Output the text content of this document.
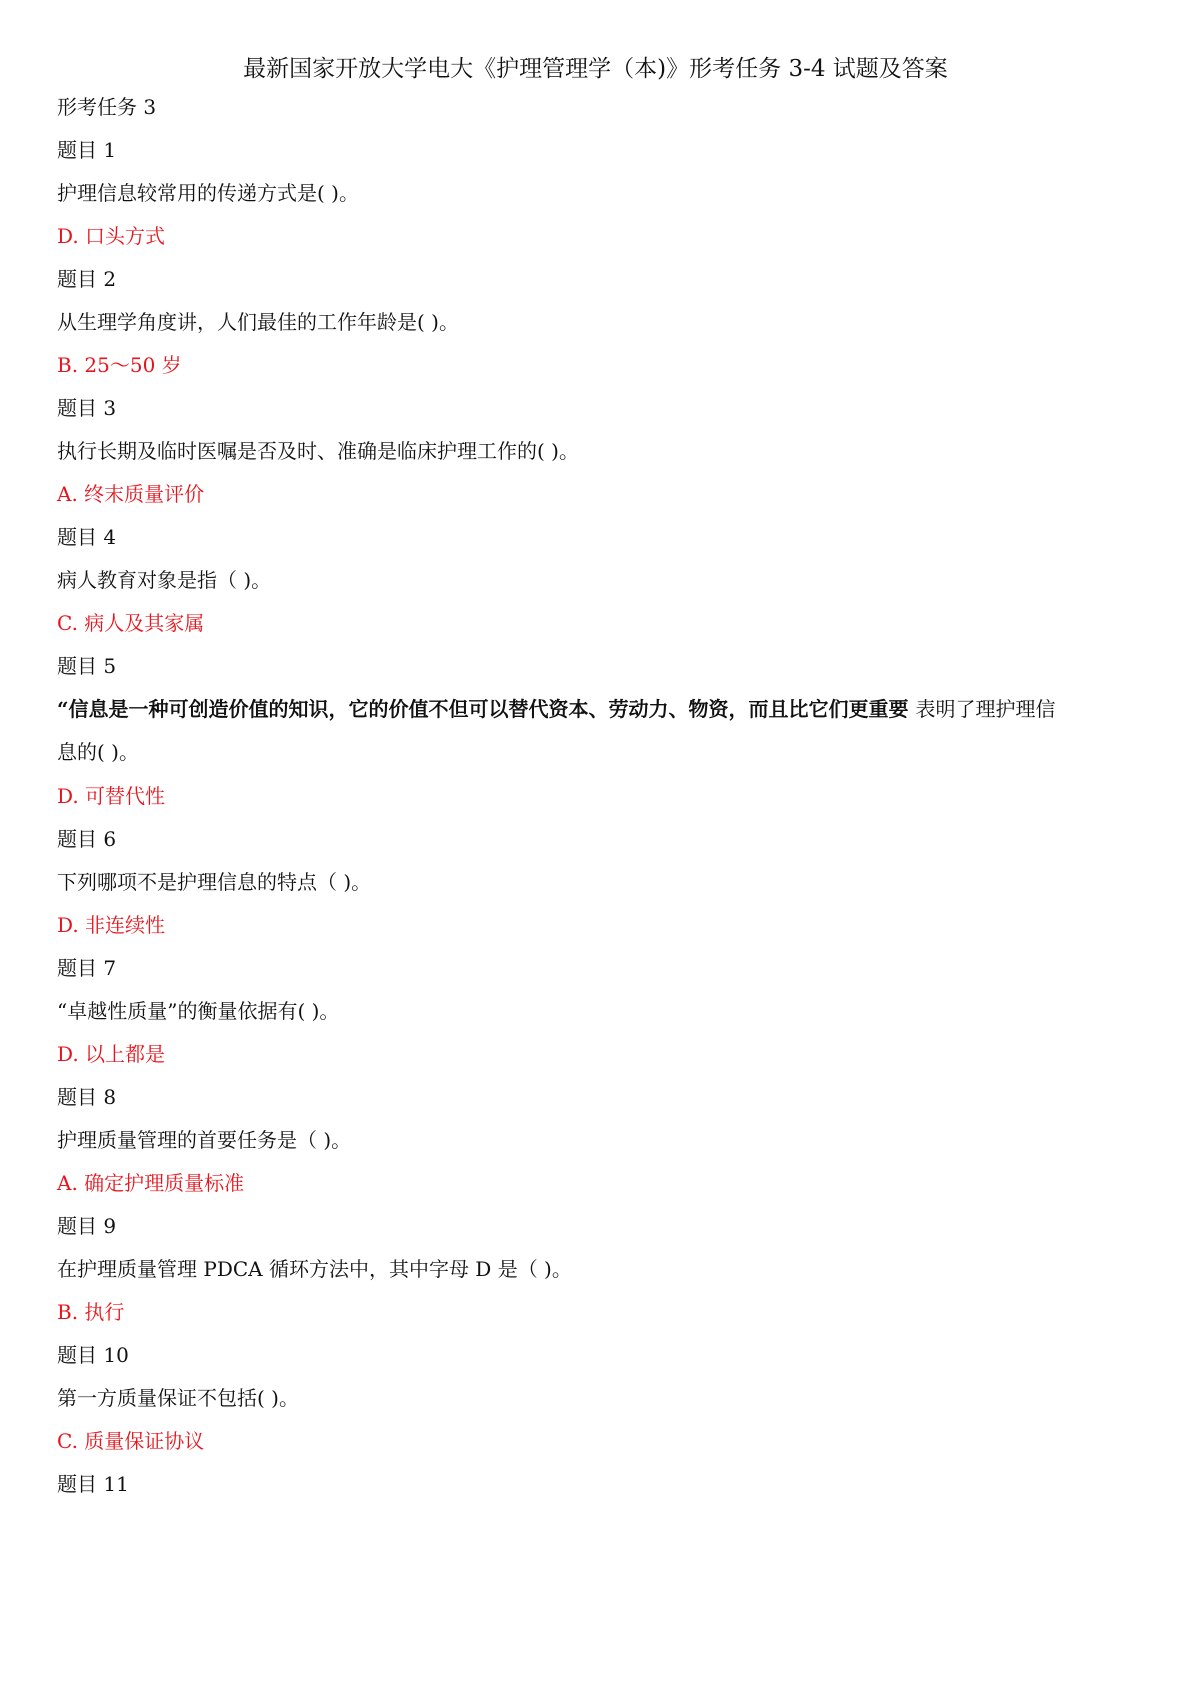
最新国家开放大学电大《护理管理学（本)》形考任务 3-4 试题及答案
形考任务 3
题目 1
护理信息较常用的传递方式是( )。
D. 口头方式
题目 2
从生理学角度讲，人们最佳的工作年龄是( )。
B. 25～50 岁
题目 3
执行长期及临时医嘱是否及时、准确是临床护理工作的( )。
A. 终末质量评价
题目 4
病人教育对象是指（ )。
C. 病人及其家属
题目 5
“信息是一种可创造价值的知识，它的价值不但可以替代资本、劳动力、物资，而且比它们更重要 表明了理护理信
息的( )。
D. 可替代性
题目 6
下列哪项不是护理信息的特点（ )。
D. 非连续性
题目 7
“卓越性质量”的衡量依据有( )。
D. 以上都是
题目 8
护理质量管理的首要任务是（ )。
A. 确定护理质量标准
题目 9
在护理质量管理 PDCA 循环方法中，其中字母 D 是（ )。
B. 执行
题目 10
第一方质量保证不包括( )。
C. 质量保证协议
题目 11
